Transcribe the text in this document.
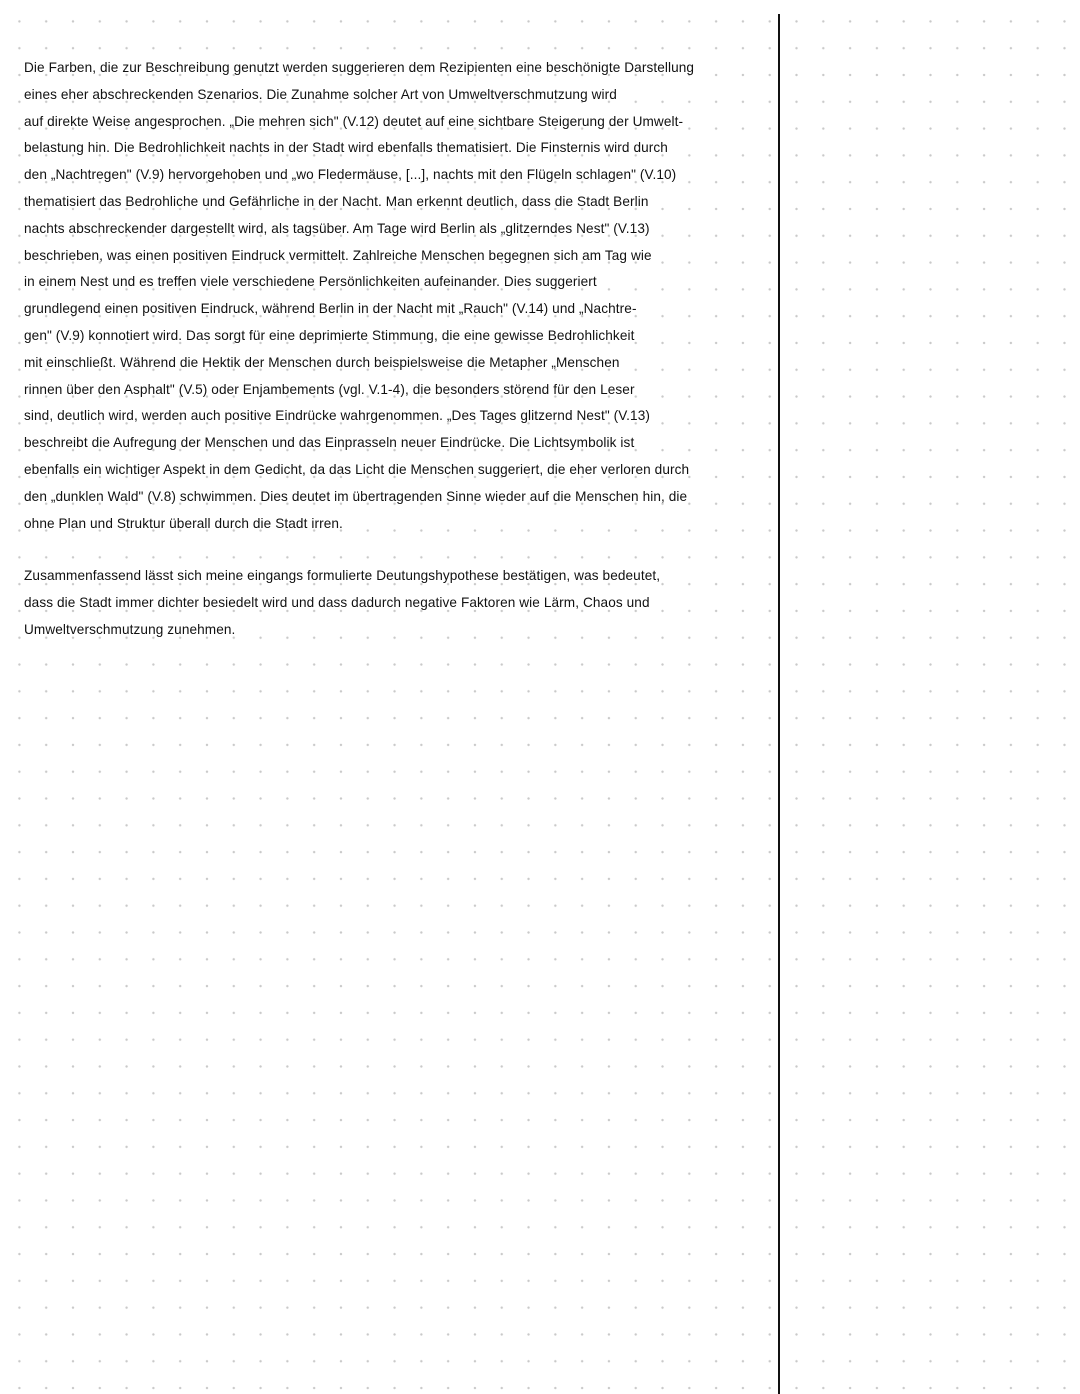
Die Farben, die zur Beschreibung genutzt werden suggerieren dem Rezipienten eine beschönigte Darstellung
eines eher abschreckenden Szenarios. Die Zunahme solcher Art von Umweltverschmutzung wird
auf direkte Weise angesprochen. „Die mehren sich" (V.12) deutet auf eine sichtbare Steigerung der Umwelt-
belastung hin. Die Bedrohlichkeit nachts in der Stadt wird ebenfalls thematisiert. Die Finsternis wird durch
den „Nachtregen" (V.9) hervorgehoben und „wo Fledermäuse, [...], nachts mit den Flügeln schlagen" (V.10)
thematisiert das Bedrohliche und Gefährliche in der Nacht. Man erkennt deutlich, dass die Stadt Berlin
nachts abschreckender dargestellt wird, als tagsüber. Am Tage wird Berlin als „glitzerndes Nest" (V.13)
beschrieben, was einen positiven Eindruck vermittelt. Zahlreiche Menschen begegnen sich am Tag wie
in einem Nest und es treffen viele verschiedene Persönlichkeiten aufeinander. Dies suggeriert
grundlegend einen positiven Eindruck, während Berlin in der Nacht mit „Rauch" (V.14) und „Nachtre-
gen" (V.9) konnotiert wird. Das sorgt für eine deprimierte Stimmung, die eine gewisse Bedrohlichkeit
mit einschließt. Während die Hektik der Menschen durch beispielsweise die Metapher „Menschen
rinnen über den Asphalt" (V.5) oder Enjambements (vgl. V.1-4), die besonders störend für den Leser
sind, deutlich wird, werden auch positive Eindrücke wahrgenommen. „Des Tages glitzernd Nest" (V.13)
beschreibt die Aufregung der Menschen und das Einprasseln neuer Eindrücke. Die Lichtsymbolik ist
ebenfalls ein wichtiger Aspekt in dem Gedicht, da das Licht die Menschen suggeriert, die eher verloren durch
den „dunklen Wald" (V.8) schwimmen. Dies deutet im übertragenden Sinne wieder auf die Menschen hin, die
ohne Plan und Struktur überall durch die Stadt irren.
Zusammenfassend lässt sich meine eingangs formulierte Deutungshypothese bestätigen, was bedeutet,
dass die Stadt immer dichter besiedelt wird und dass dadurch negative Faktoren wie Lärm, Chaos und
Umweltverschmutzung zunehmen.
